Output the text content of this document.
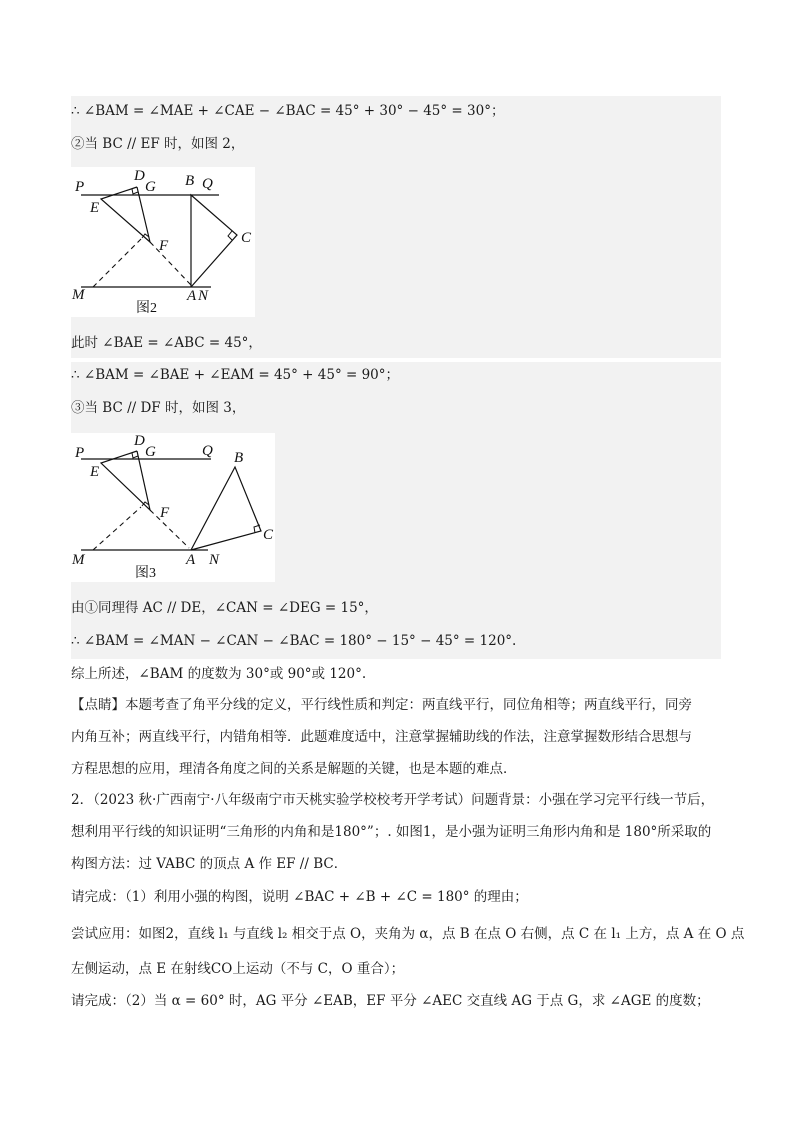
∴ ∠BAM = ∠MAE + ∠CAE − ∠BAC = 45° + 30° − 45° = 30°；
②当 BC // EF 时，如图 2，
P
D
G B Q
E
F	C
M	A N
图2
此时 ∠BAE = ∠ABC = 45°，
∴ ∠BAM = ∠BAE + ∠EAM = 45° + 45° = 90°；
③当 BC // DF 时，如图 3，
P
D
G	Q
E
B
F
C
M	A N
图3
由①同理得 AC // DE，∠CAN = ∠DEG = 15°，
∴ ∠BAM = ∠MAN − ∠CAN − ∠BAC = 180° − 15° − 45° = 120°.
综上所述，∠BAM 的度数为 30°或 90°或 120°.
【点睛】本题考查了角平分线的定义，平行线性质和判定：两直线平行，同位角相等；两直线平行，同旁
内角互补；两直线平行，内错角相等．此题难度适中，注意掌握辅助线的作法，注意掌握数形结合思想与
方程思想的应用，理清各角度之间的关系是解题的关键，也是本题的难点．
2．（2023 秋·广西南宁·八年级南宁市天桃实验学校校考开学考试）问题背景：小强在学习完平行线一节后，
想利用平行线的知识证明“三角形的内角和是180°”；. 如图1，是小强为证明三角形内角和是 180°所采取的
构图方法：过 VABC 的顶点 A 作 EF // BC．
请完成：（1）利用小强的构图，说明 ∠BAC + ∠B + ∠C = 180° 的理由；
尝试应用：如图2，直线 l₁ 与直线 l₂ 相交于点 O，夹角为 α，点 B 在点 O 右侧，点 C 在 l₁ 上方，点 A 在 O 点
左侧运动，点 E 在射线CO上运动（不与 C，O 重合）；
请完成：（2）当 α = 60° 时，AG 平分 ∠EAB，EF 平分 ∠AEC 交直线 AG 于点 G，求 ∠AGE 的度数；
